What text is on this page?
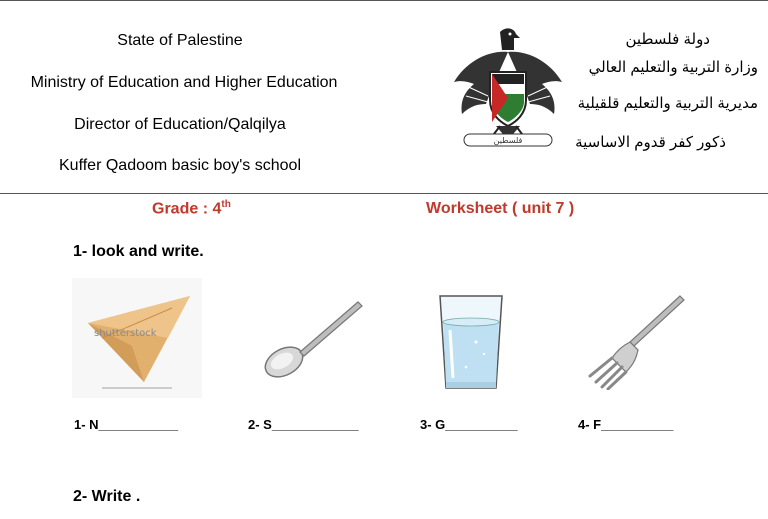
State of Palestine
Ministry of Education and Higher Education
Director of Education/Qalqilya
Kuffer Qadoom basic boy's school
فلسطين
دولة فلسطين
وزارة التربية والتعليم العالي
مديرية التربية والتعليم قلقيلية
ذكور كفر قدوم الاساسية
Grade : 4th	Worksheet ( unit 7 )
1- look and write.
shutterstock
1- N___________	2- S____________	3- G__________	4- F__________
2- Write .
